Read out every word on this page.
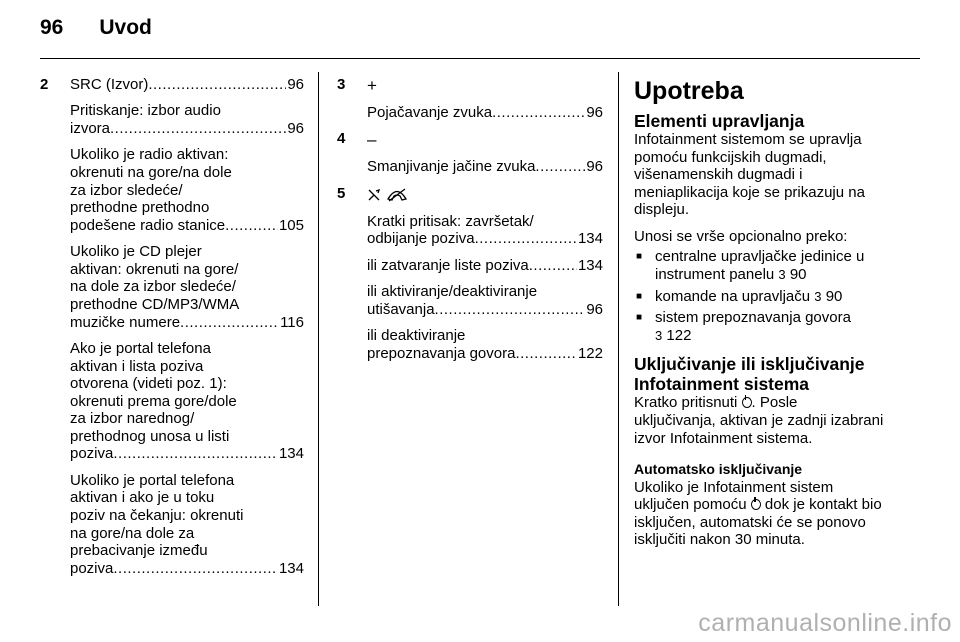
96 Uvod
2	SRC (Izvor) .....	96
Pritiskanje: izbor audio
izvora .....	96
Ukoliko je radio aktivan:
okrenuti na gore/na dole
za izbor sledeće/
prethodne prethodno
podešene radio stanice .....	105
Ukoliko je CD plejer
aktivan: okrenuti na gore/
na dole za izbor sledeće/
prethodne CD/MP3/WMA
muzičke numere .....	116
Ako je portal telefona
aktivan i lista poziva
otvorena (videti poz. 1):
okrenuti prema gore/dole
za izbor narednog/
prethodnog unosa u listi
poziva .....	134
Ukoliko je portal telefona
aktivan i ako je u toku
poziv na čekanju: okrenuti
na gore/na dole za
prebacivanje između
poziva .....	134
3	+
Pojačavanje zvuka .....	96
4	–
Smanjivanje jačine zvuka .....	96
5

Kratki pritisak: završetak/
odbijanje poziva .....	134
ili zatvaranje liste poziva .....	134
ili aktiviranje/deaktiviranje
utišavanja .....	96
ili deaktiviranje
prepoznavanja govora .....	122
Upotreba
Elementi upravljanja
Infotainment sistemom se upravlja
pomoću funkcijskih dugmadi,
višenamenskih dugmadi i
meniaplikacija koje se prikazuju na
displeju.
Unosi se vrše opcionalno preko:
■ centralne upravljačke jedinice u
instrument panelu 3 90
■ komande na upravljaču 3 90
■ sistem prepoznavanja govora
3 122
Uključivanje ili isključivanje
Infotainment sistema
Kratko pritisnuti . Posle
uključivanja, aktivan je zadnji izabrani
izvor Infotainment sistema.
Automatsko isključivanje
Ukoliko je Infotainment sistem
uključen pomoću dok je kontakt bio
isključen, automatski će se ponovo
isključiti nakon 30 minuta.
carmanualsonline.info
